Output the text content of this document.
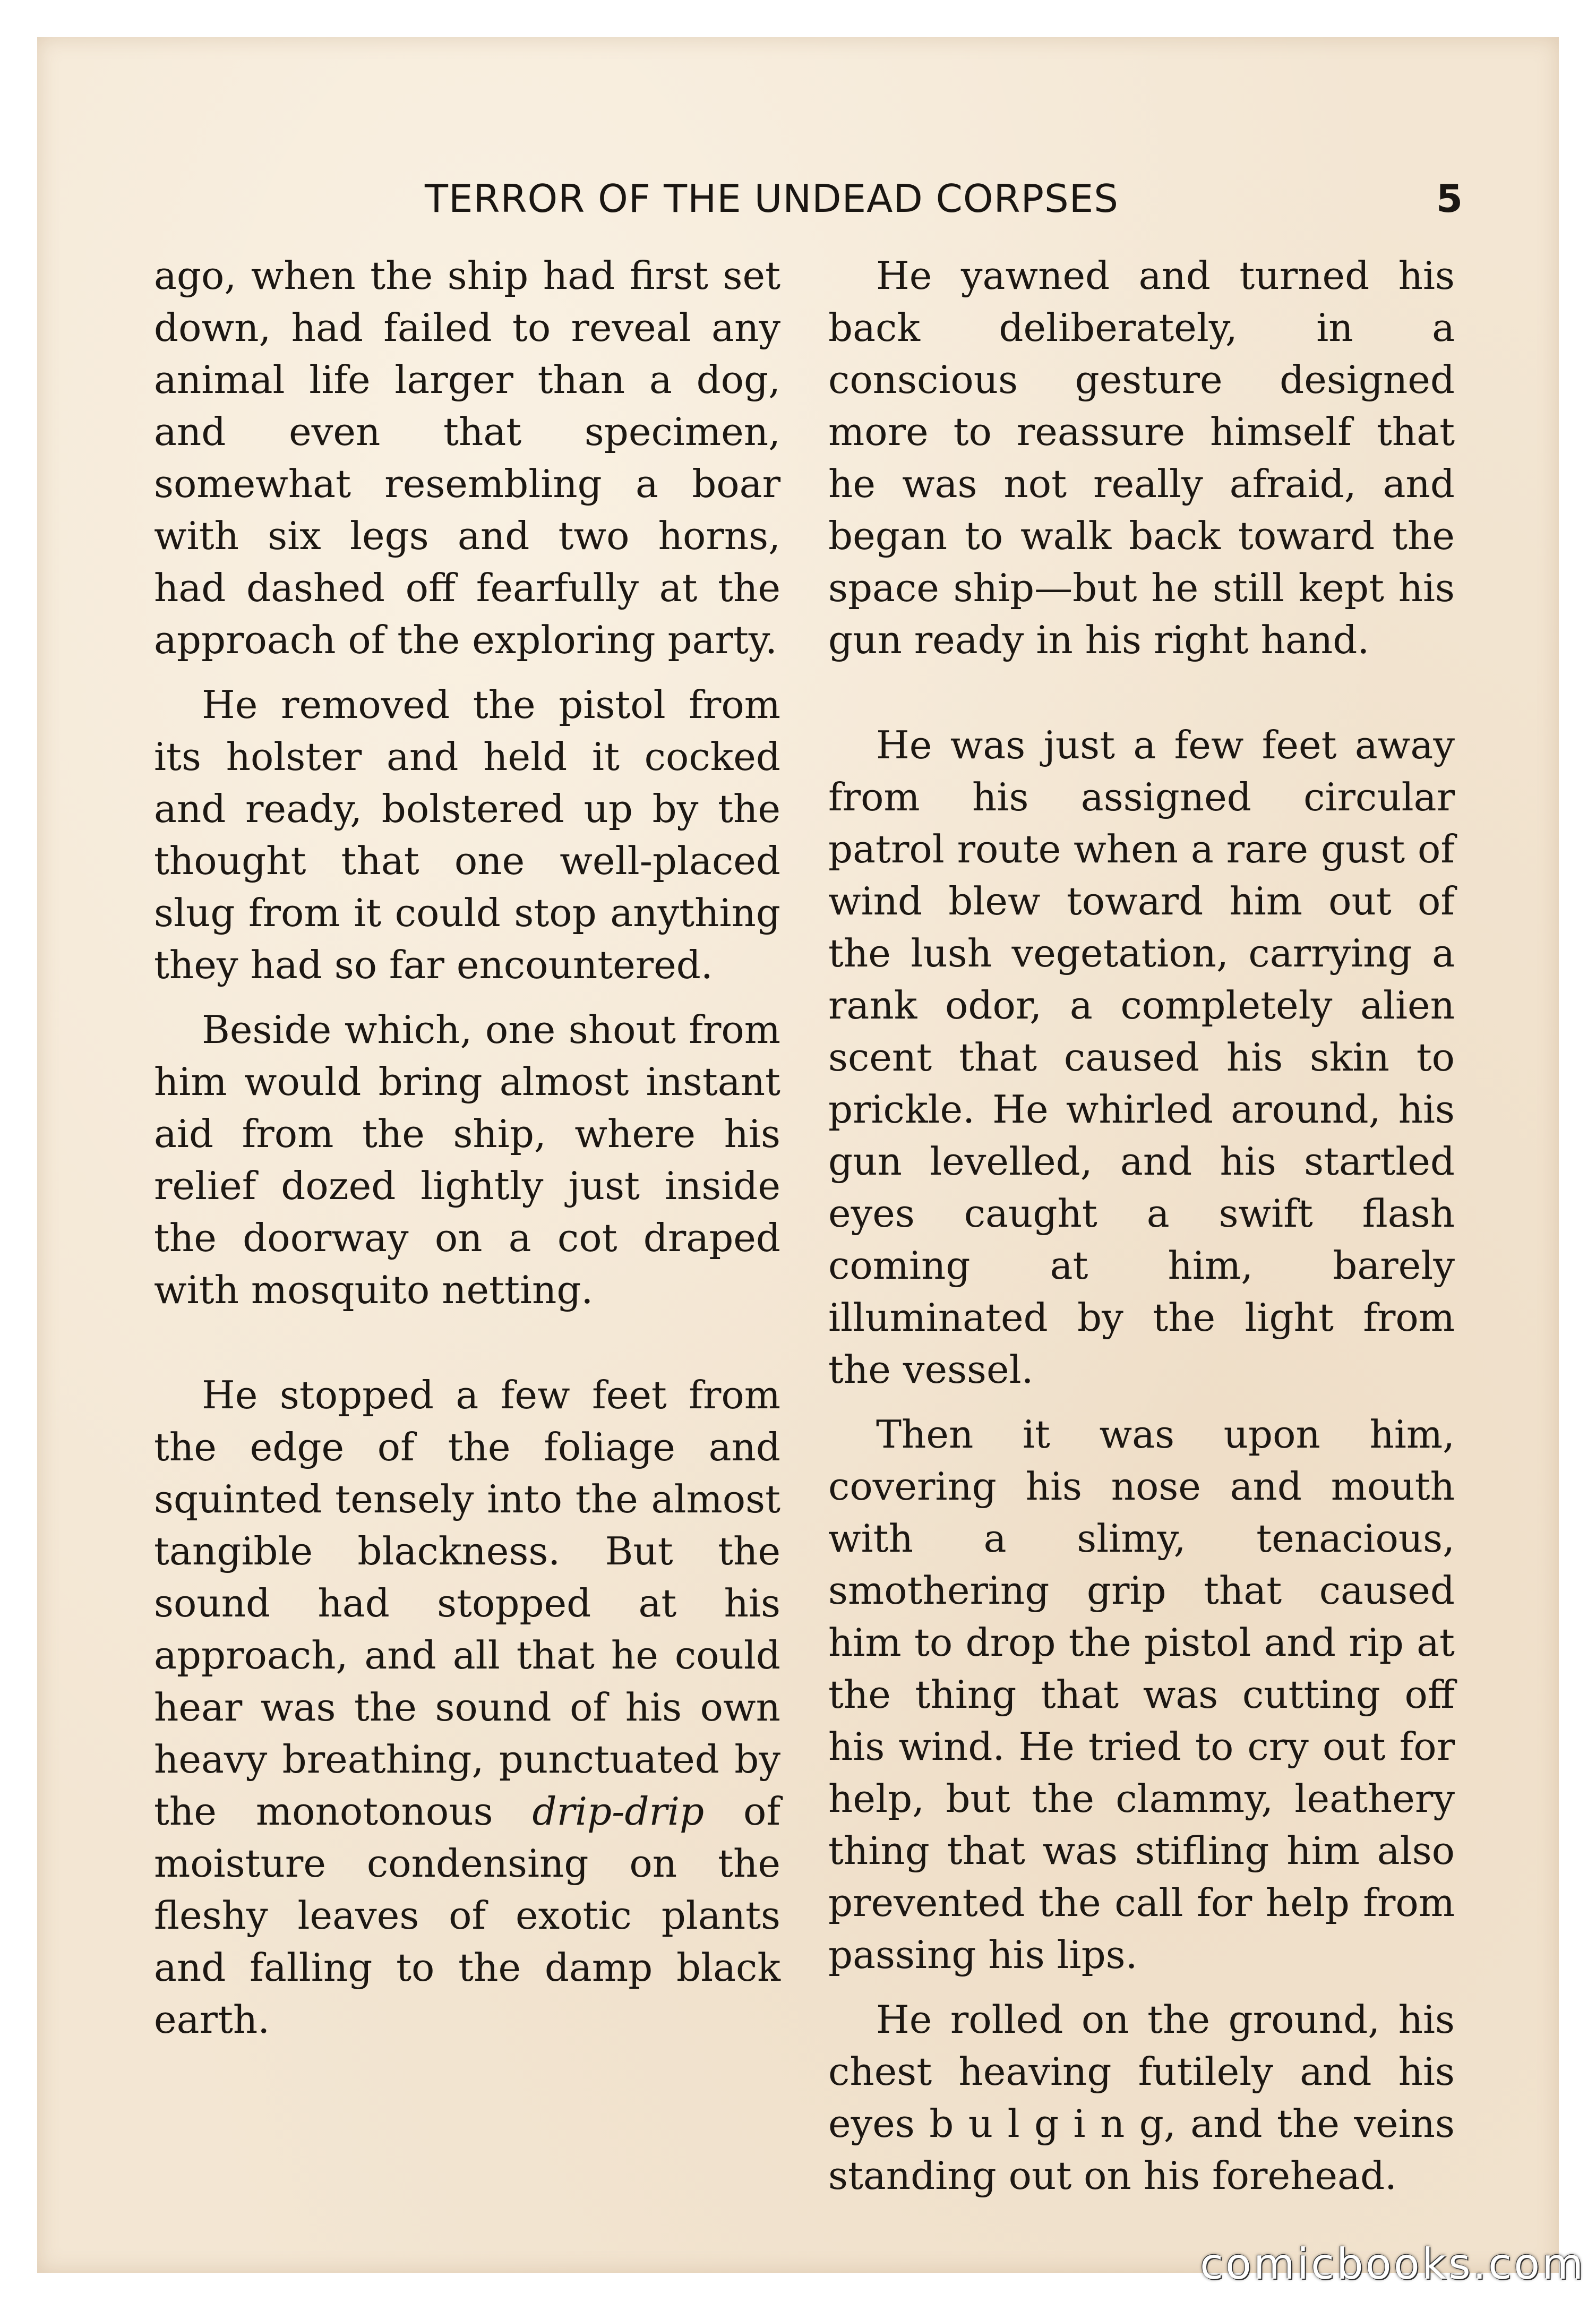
TERROR OF THE UNDEAD CORPSES	5

ago, when the ship had first set down, had failed to reveal any animal life larger than a dog, and even that specimen, somewhat resembling a boar with six legs and two horns, had dashed off fearfully at the approach of the exploring party.

He removed the pistol from its holster and held it cocked and ready, bolstered up by the thought that one well-placed slug from it could stop anything they had so far encountered.

Beside which, one shout from him would bring almost instant aid from the ship, where his relief dozed lightly just inside the doorway on a cot draped with mosquito netting.

He stopped a few feet from the edge of the foliage and squinted tensely into the almost tangible blackness. But the sound had stopped at his approach, and all that he could hear was the sound of his own heavy breathing, punctuated by the monotonous drip-drip of moisture condensing on the fleshy leaves of exotic plants and falling to the damp black earth.

He yawned and turned his back deliberately, in a conscious gesture designed more to reassure himself that he was not really afraid, and began to walk back toward the space ship—but he still kept his gun ready in his right hand.

He was just a few feet away from his assigned circular patrol route when a rare gust of wind blew toward him out of the lush vegetation, carrying a rank odor, a completely alien scent that caused his skin to prickle. He whirled around, his gun levelled, and his startled eyes caught a swift flash coming at him, barely illuminated by the light from the vessel.

Then it was upon him, covering his nose and mouth with a slimy, tenacious, smothering grip that caused him to drop the pistol and rip at the thing that was cutting off his wind. He tried to cry out for help, but the clammy, leathery thing that was stifling him also prevented the call for help from passing his lips.

He rolled on the ground, his chest heaving futilely and his eyes b u l g i n g, and the veins standing out on his forehead.

comicbooks.com
